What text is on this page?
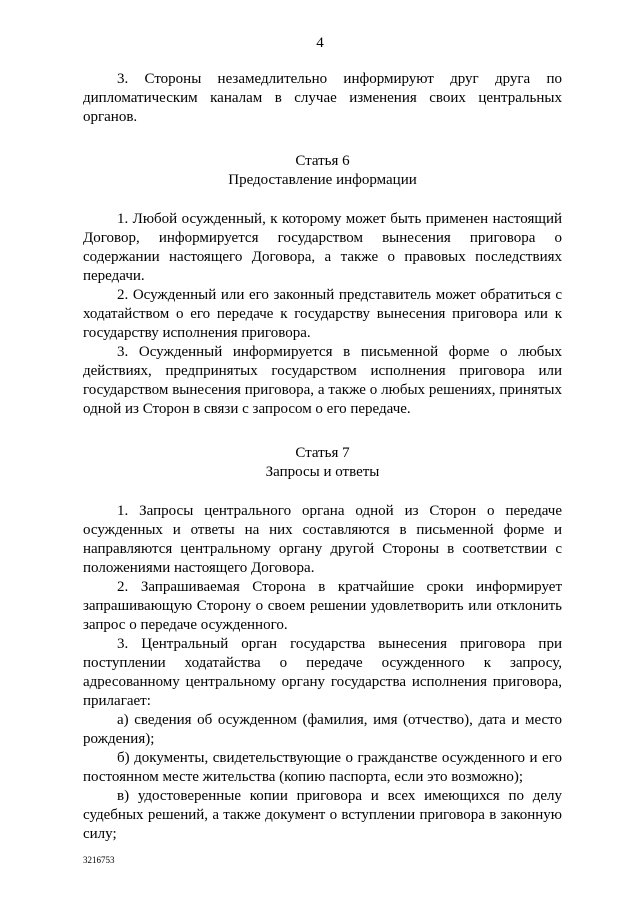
4

3. Стороны незамедлительно информируют друг друга по дипломатическим каналам в случае изменения своих центральных органов.

Статья 6
Предоставление информации

1. Любой осужденный, к которому может быть применен настоящий Договор, информируется государством вынесения приговора о содержании настоящего Договора, а также о правовых последствиях передачи.

2. Осужденный или его законный представитель может обратиться с ходатайством о его передаче к государству вынесения приговора или к государству исполнения приговора.

3. Осужденный информируется в письменной форме о любых действиях, предпринятых государством исполнения приговора или государством вынесения приговора, а также о любых решениях, принятых одной из Сторон в связи с запросом о его передаче.

Статья 7
Запросы и ответы

1. Запросы центрального органа одной из Сторон о передаче осужденных и ответы на них составляются в письменной форме и направляются центральному органу другой Стороны в соответствии с положениями настоящего Договора.

2. Запрашиваемая Сторона в кратчайшие сроки информирует запрашивающую Сторону о своем решении удовлетворить или отклонить запрос о передаче осужденного.

3. Центральный орган государства вынесения приговора при поступлении ходатайства о передаче осужденного к запросу, адресованному центральному органу государства исполнения приговора, прилагает:

а) сведения об осужденном (фамилия, имя (отчество), дата и место рождения);

б) документы, свидетельствующие о гражданстве осужденного и его постоянном месте жительства (копию паспорта, если это возможно);

в) удостоверенные копии приговора и всех имеющихся по делу судебных решений, а также документ о вступлении приговора в законную силу;

3216753
